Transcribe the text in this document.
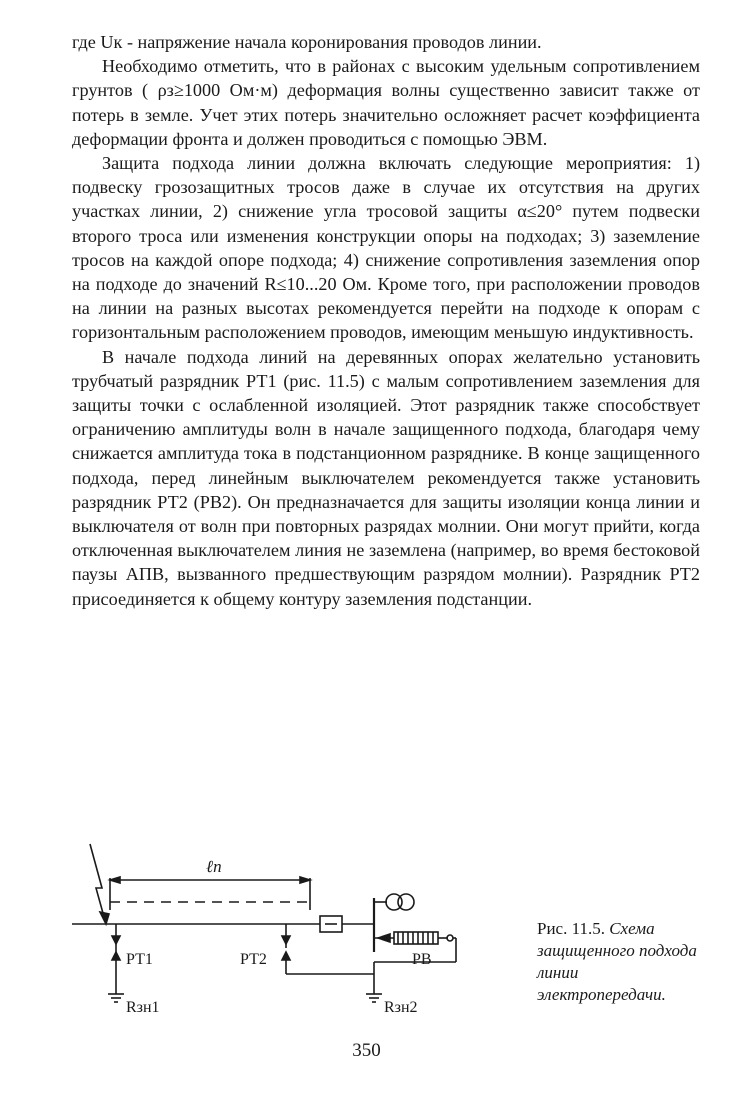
где Uк - напряжение начала коронирования проводов линии.

Необходимо отметить, что в районах с высоким удельным сопротивлением грунтов ( ρз≥1000 Ом·м) деформация волны существенно зависит также от потерь в земле. Учет этих потерь значительно осложняет расчет коэффициента деформации фронта и должен проводиться с помощью ЭВМ.

Защита подхода линии должна включать следующие мероприятия: 1) подвеску грозозащитных тросов даже в случае их отсутствия на других участках линии, 2) снижение угла тросовой защиты α≤20° путем подвески второго троса или изменения конструкции опоры на подходах; 3) заземление тросов на каждой опоре подхода; 4) снижение сопротивления заземления опор на подходе до значений R≤10...20 Ом. Кроме того, при расположении проводов на линии на разных высотах рекомендуется перейти на подходе к опорам с горизонтальным расположением проводов, имеющим меньшую индуктивность.

В начале подхода линий на деревянных опорах желательно установить трубчатый разрядник РТ1 (рис. 11.5) с малым сопротивлением заземления для защиты точки с ослабленной изоляцией. Этот разрядник также способствует ограничению амплитуды волн в начале защищенного подхода, благодаря чему снижается амплитуда тока в подстанционном разряднике. В конце защищенного подхода, перед линейным выключателем рекомендуется также установить разрядник РТ2 (РВ2). Он предназначается для защиты изоляции конца линии и выключателя от волн при повторных разрядах молнии. Они могут прийти, когда отключенная выключателем линия не заземлена (например, во время бестоковой паузы АПВ, вызванного предшествующим разрядом молнии). Разрядник РТ2 присоединяется к общему контуру заземления подстанции.

ℓп
РТ1	РТ2	РВ
Rзн1	Rзн2
Рис. 11.5. Схема защищенного подхода линии электропередачи.
350
